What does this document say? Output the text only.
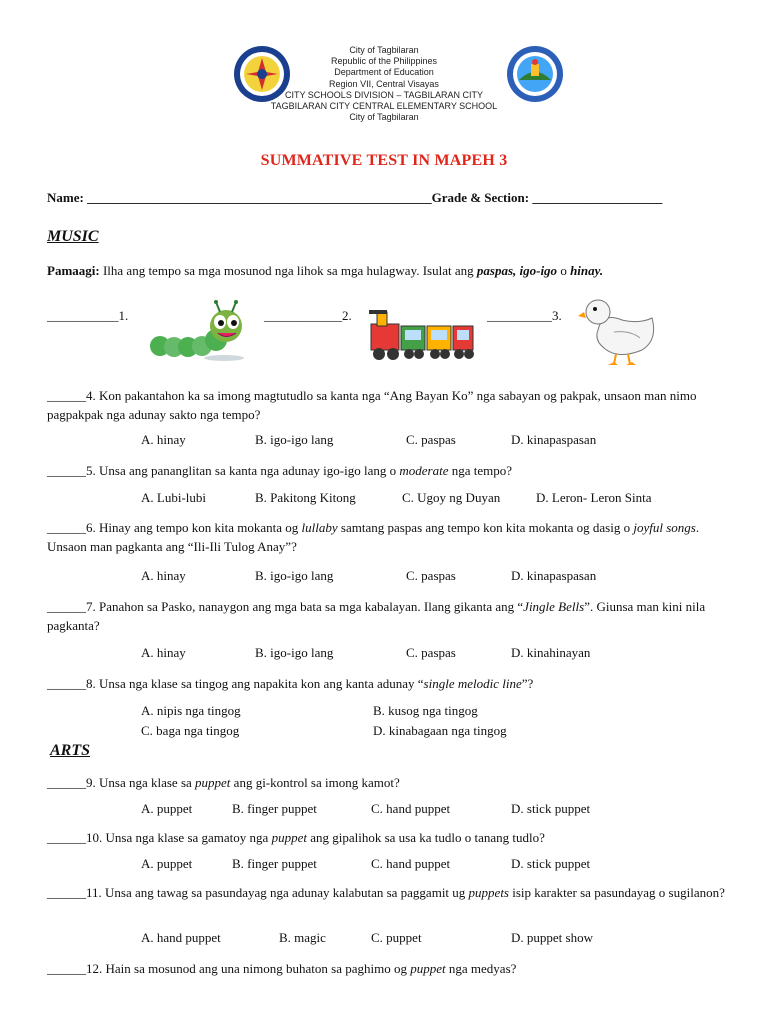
City of Tagbilaran
Republic of the Philippines
Department of Education
Region VII, Central Visayas
CITY SCHOOLS DIVISION – TAGBILARAN CITY
TAGBILARAN CITY CENTRAL ELEMENTARY SCHOOL
City of Tagbilaran
SUMMATIVE TEST IN MAPEH 3
Name: _____________________________________________________Grade & Section: ____________________
MUSIC
Pamaagi: Ilha ang tempo sa mga mosunod nga lihok sa mga hulagway. Isulat ang paspas, igo-igo o hinay.
___________1.	____________2.	__________3.
______4. Kon pakantahon ka sa imong magtutudlo sa kanta nga “Ang Bayan Ko” nga sabayan og pakpak, unsaon man nimo pagpakpak nga adunay sakto nga tempo?
A. hinay	B. igo-igo lang	C. paspas	D. kinapaspasan
______5. Unsa ang pananglitan sa kanta nga adunay igo-igo lang o moderate nga tempo?
A. Lubi-lubi	B. Pakitong Kitong	C. Ugoy ng Duyan	D. Leron- Leron Sinta
______6. Hinay ang tempo kon kita mokanta og lullaby samtang paspas ang tempo kon kita mokanta og dasig o joyful songs. Unsaon man pagkanta ang “Ili-Ili Tulog Anay”?
A. hinay	B. igo-igo lang	C. paspas	D. kinapaspasan
______7. Panahon sa Pasko, nanaygon ang mga bata sa mga kabalayan. Ilang gikanta ang “Jingle Bells”. Giunsa man kini nila pagkanta?
A. hinay	B. igo-igo lang	C. paspas	D. kinahinayan
______8. Unsa nga klase sa tingog ang napakita kon ang kanta adunay “single melodic line”?
A. nipis nga tingog	B. kusog nga tingog
C. baga nga tingog	D. kinabagaan nga tingog
ARTS
______9. Unsa nga klase sa puppet ang gi-kontrol sa imong kamot?
A. puppet	B. finger puppet	C. hand puppet	D. stick puppet
______10. Unsa nga klase sa gamatoy nga puppet ang gipalihok sa usa ka tudlo o tanang tudlo?
A. puppet	B. finger puppet	C. hand puppet	D. stick puppet
______11. Unsa ang tawag sa pasundayag nga adunay kalabutan sa paggamit ug puppets isip karakter sa pasundayag o sugilanon?
A. hand puppet	B. magic	C. puppet	D. puppet show
______12. Hain sa mosunod ang una nimong buhaton sa paghimo og puppet nga medyas?
